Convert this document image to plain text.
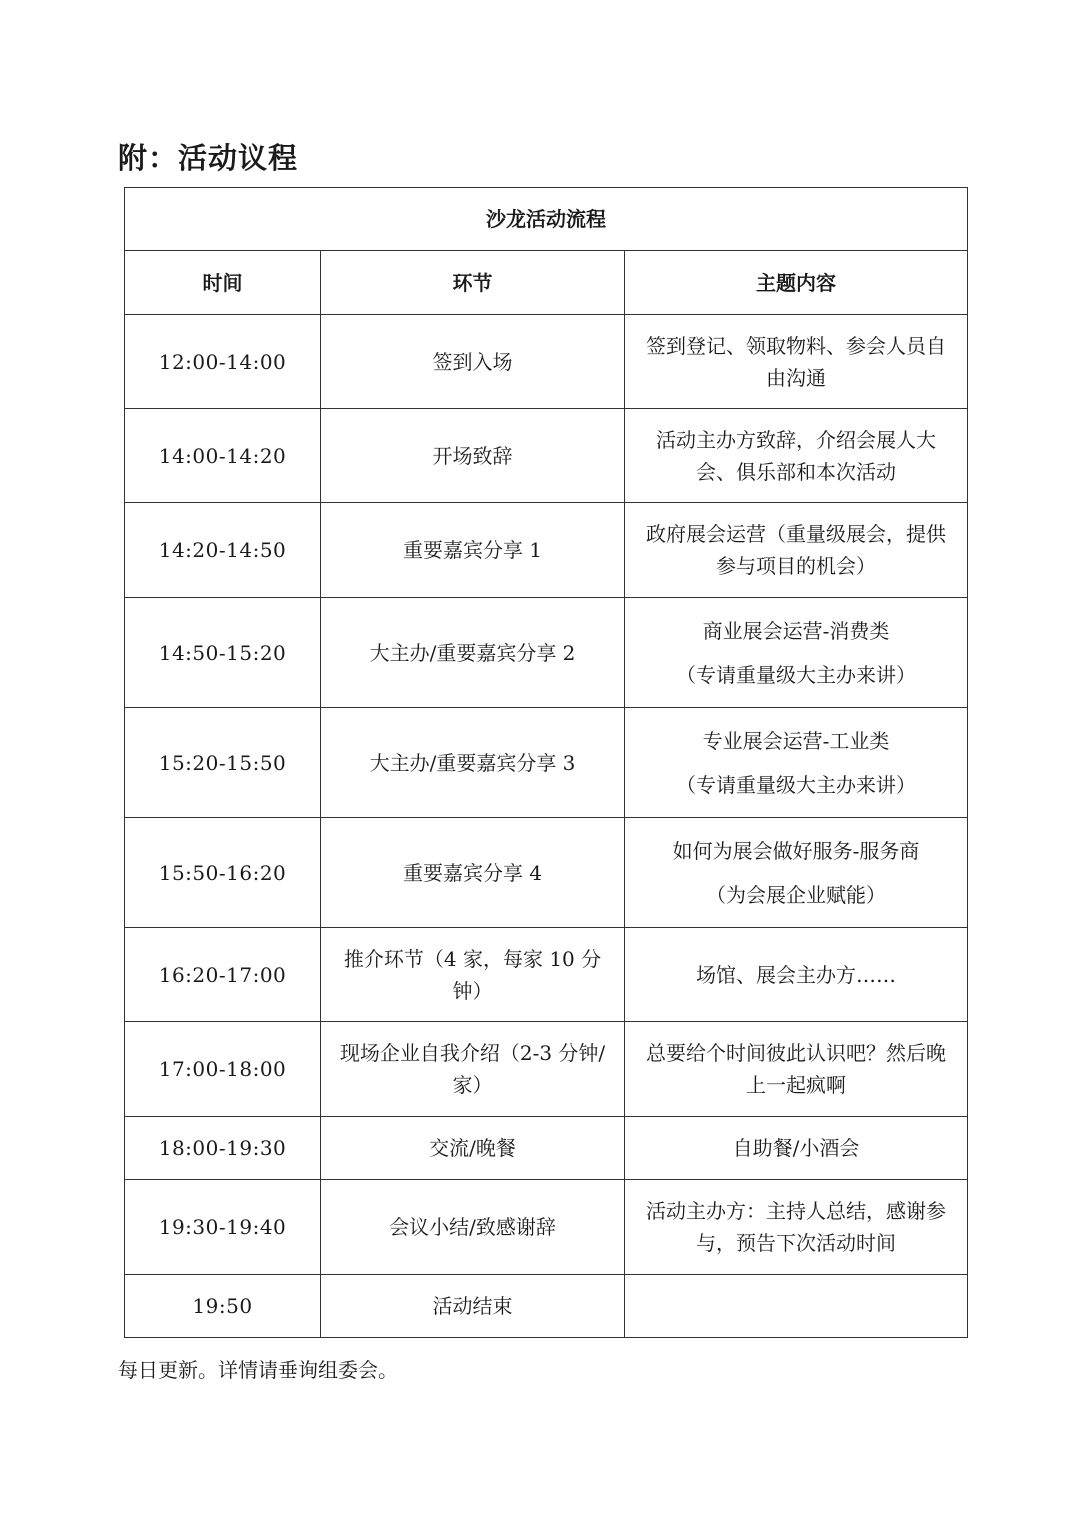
附：活动议程
沙龙活动流程		
时间	环节	主题内容
12:00-14:00	签到入场	签到登记、领取物料、参会人员自由沟通
14:00-14:20	开场致辞	活动主办方致辞，介绍会展人大会、俱乐部和本次活动
14:20-14:50	重要嘉宾分享 1	政府展会运营（重量级展会，提供参与项目的机会）
14:50-15:20	大主办/重要嘉宾分享 2	商业展会运营-消费类
（专请重量级大主办来讲）

15:20-15:50	大主办/重要嘉宾分享 3	专业展会运营-工业类
（专请重量级大主办来讲）

15:50-16:20	重要嘉宾分享 4	如何为展会做好服务-服务商
（为会展企业赋能）

16:20-17:00	推介环节（4 家，每家 10 分钟）	场馆、展会主办方……
17:00-18:00	现场企业自我介绍（2-3 分钟/家）	总要给个时间彼此认识吧？然后晚上一起疯啊
18:00-19:30	交流/晚餐	自助餐/小酒会
19:30-19:40	会议小结/致感谢辞	活动主办方：主持人总结，感谢参与，预告下次活动时间
19:50	活动结束	
每日更新。详情请垂询组委会。
